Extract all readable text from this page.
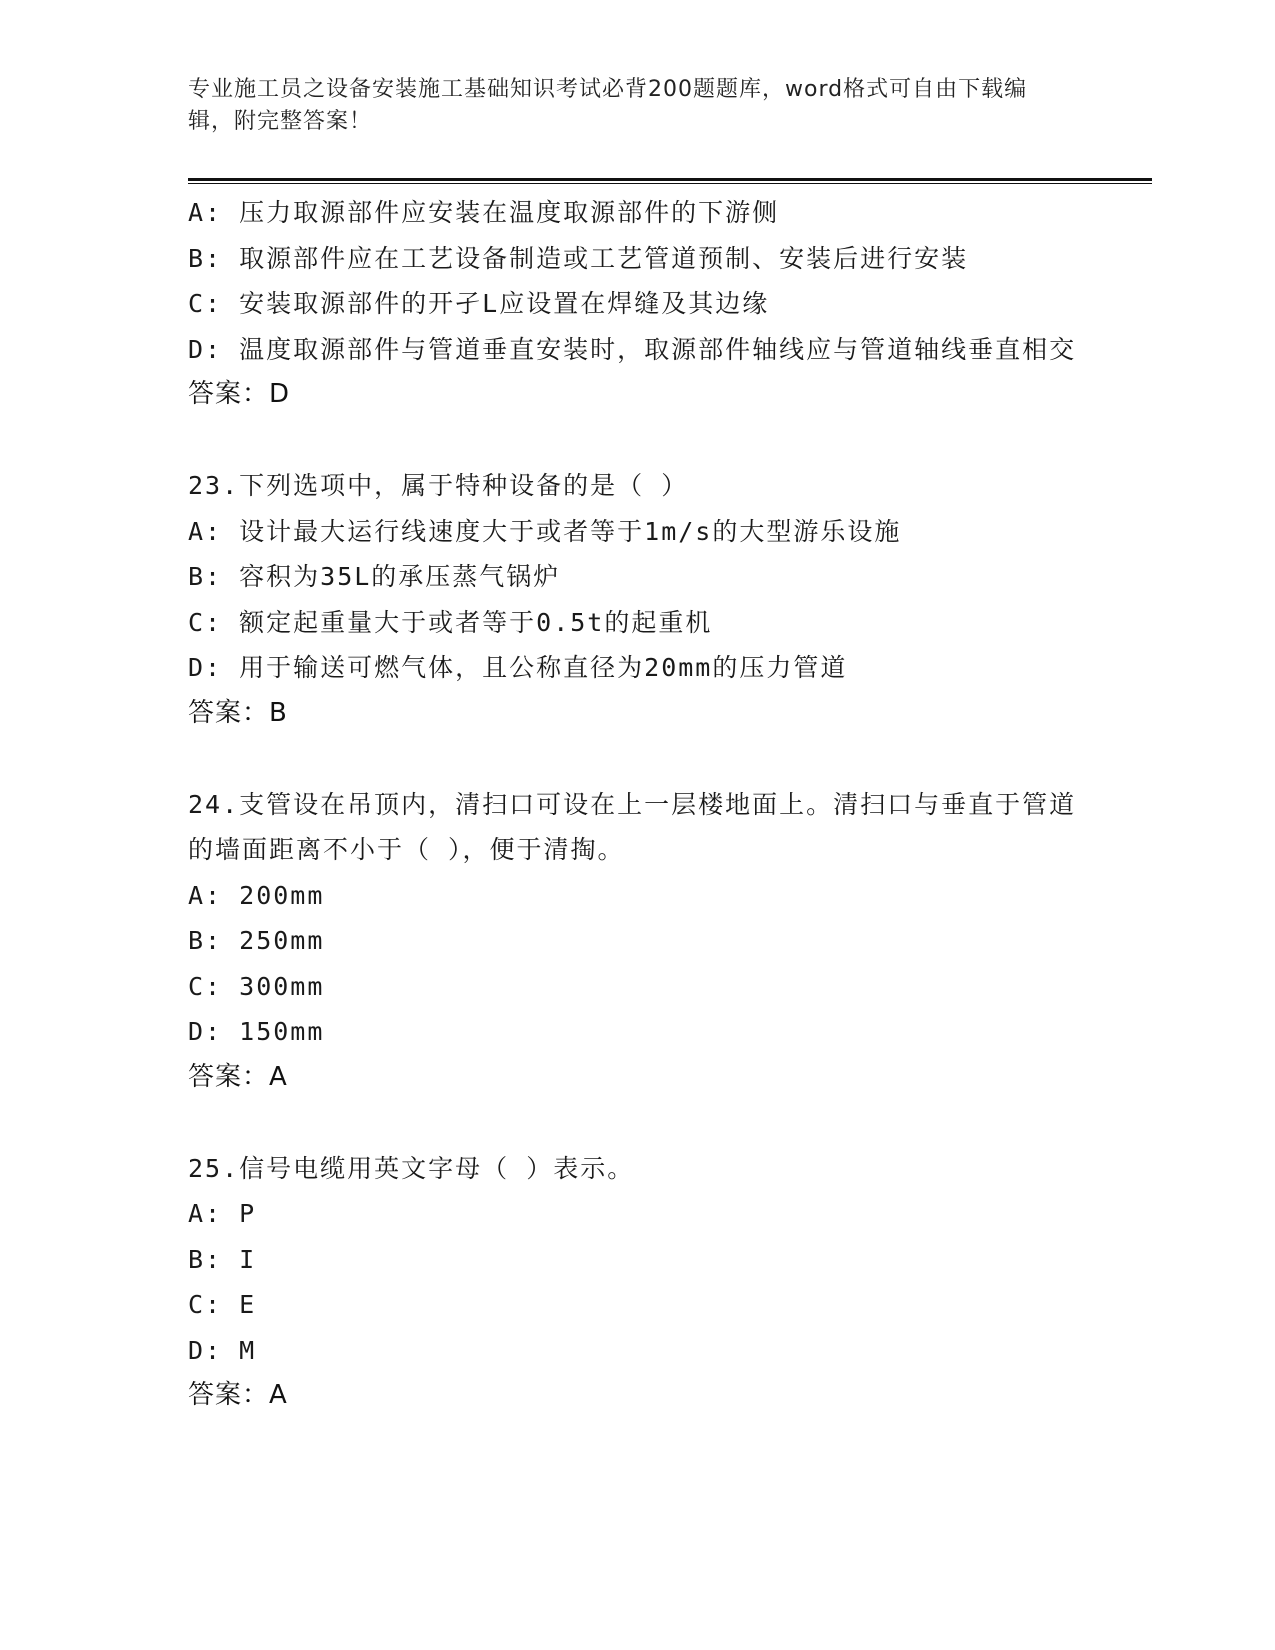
专业施工员之设备安装施工基础知识考试必背200题题库，word格式可自由下载编辑，附完整答案！

A: 压力取源部件应安装在温度取源部件的下游侧

B: 取源部件应在工艺设备制造或工艺管道预制、安装后进行安装

C: 安装取源部件的开孑L应设置在焊缝及其边缘

D: 温度取源部件与管道垂直安装时，取源部件轴线应与管道轴线垂直相交

答案：D

23.下列选项中，属于特种设备的是（ ）

A: 设计最大运行线速度大于或者等于1m/s的大型游乐设施

B: 容积为35L的承压蒸气锅炉

C: 额定起重量大于或者等于0.5t的起重机

D: 用于输送可燃气体，且公称直径为20mm的压力管道

答案：B

24.支管设在吊顶内，清扫口可设在上一层楼地面上。清扫口与垂直于管道的墙面距离不小于（ ），便于清掏。

A: 200mm

B: 250mm

C: 300mm

D: 150mm

答案：A

25.信号电缆用英文字母（ ）表示。

A: P

B: I

C: E

D: M

答案：A
